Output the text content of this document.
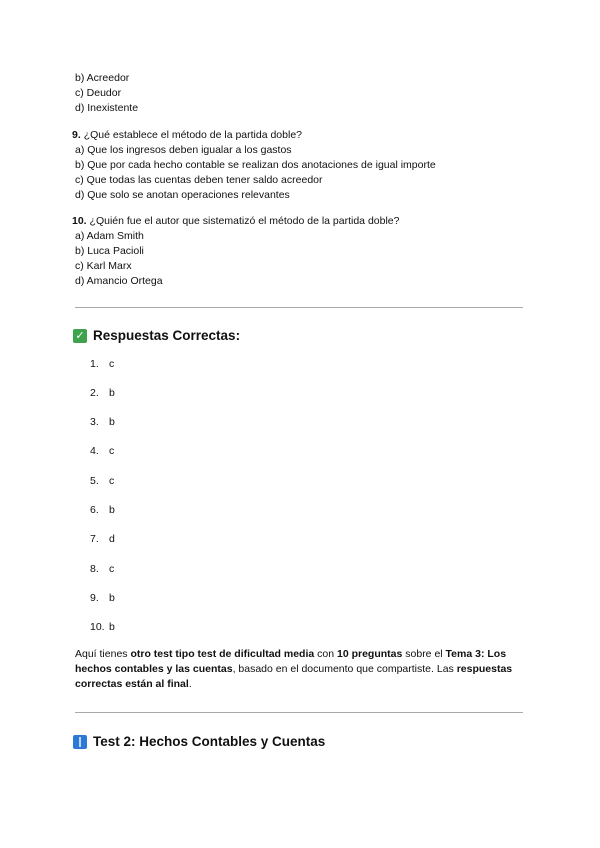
b) Acreedor
c) Deudor
d) Inexistente
9. ¿Qué establece el método de la partida doble?
a) Que los ingresos deben igualar a los gastos
b) Que por cada hecho contable se realizan dos anotaciones de igual importe
c) Que todas las cuentas deben tener saldo acreedor
d) Que solo se anotan operaciones relevantes
10. ¿Quién fue el autor que sistematizó el método de la partida doble?
a) Adam Smith
b) Luca Pacioli
c) Karl Marx
d) Amancio Ortega
✓ Respuestas Correctas:
1. c
2. b
3. b
4. c
5. c
6. b
7. d
8. c
9. b
10. b
Aquí tienes otro test tipo test de dificultad media con 10 preguntas sobre el Tema 3: Los hechos contables y las cuentas, basado en el documento que compartiste. Las respuestas correctas están al final.
Test 2: Hechos Contables y Cuentas
